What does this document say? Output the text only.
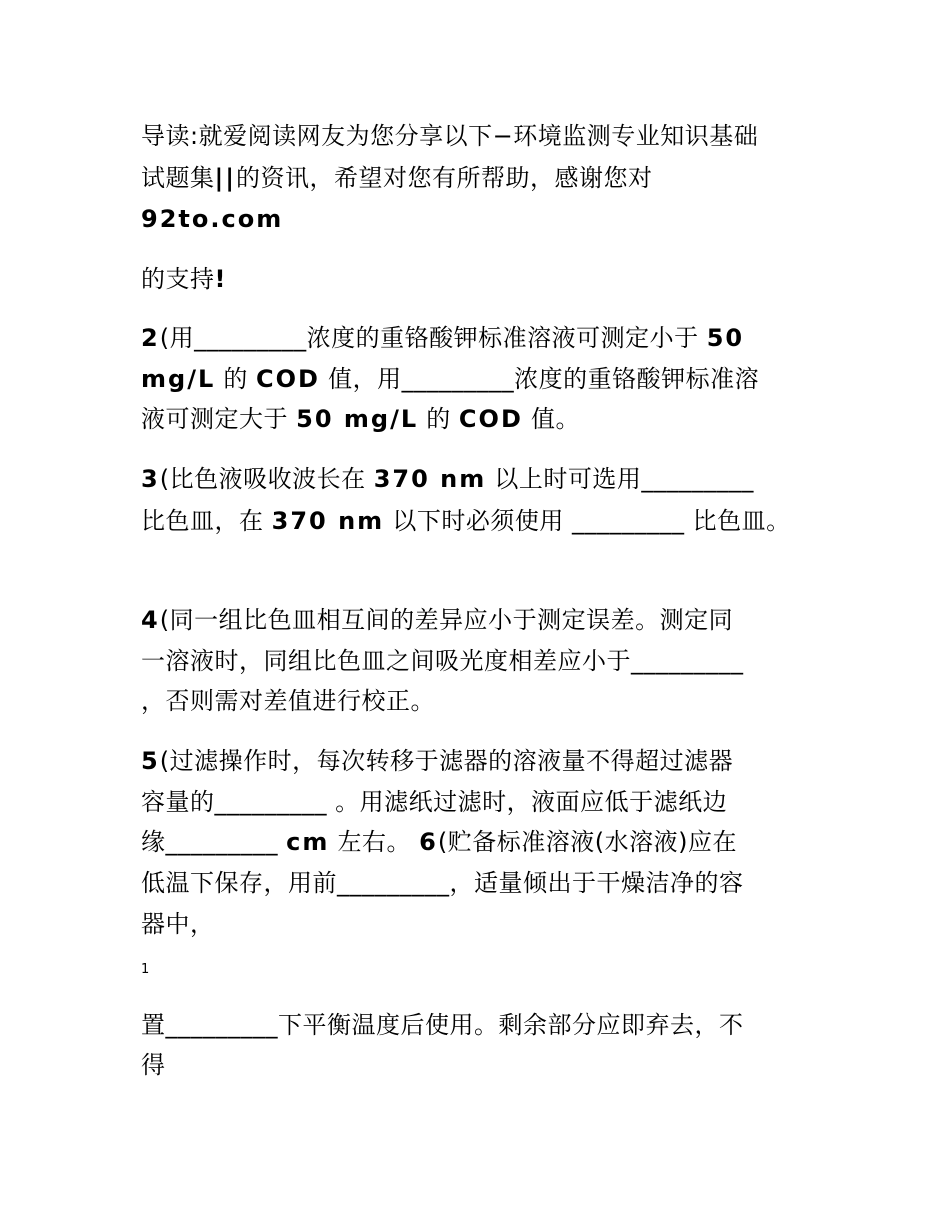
导读:就爱阅读网友为您分享以下−环境监测专业知识基础
试题集||的资讯，希望对您有所帮助，感谢您对
92to.com
的支持!
2(用_________浓度的重铬酸钾标准溶液可测定小于 50
mg/L 的 COD 值，用_________浓度的重铬酸钾标准溶
液可测定大于 50 mg/L 的 COD 值。
3(比色液吸收波长在 370 nm 以上时可选用_________
比色皿，在 370 nm 以下时必须使用 _________ 比色皿。
4(同一组比色皿相互间的差异应小于测定误差。测定同
一溶液时，同组比色皿之间吸光度相差应小于_________
，否则需对差值进行校正。
5(过滤操作时，每次转移于滤器的溶液量不得超过滤器
容量的_________ 。用滤纸过滤时，液面应低于滤纸边
缘_________ cm 左右。 6(贮备标准溶液(水溶液)应在
低温下保存，用前_________，适量倾出于干燥洁净的容
器中，
1
置_________下平衡温度后使用。剩余部分应即弃去，不
得
